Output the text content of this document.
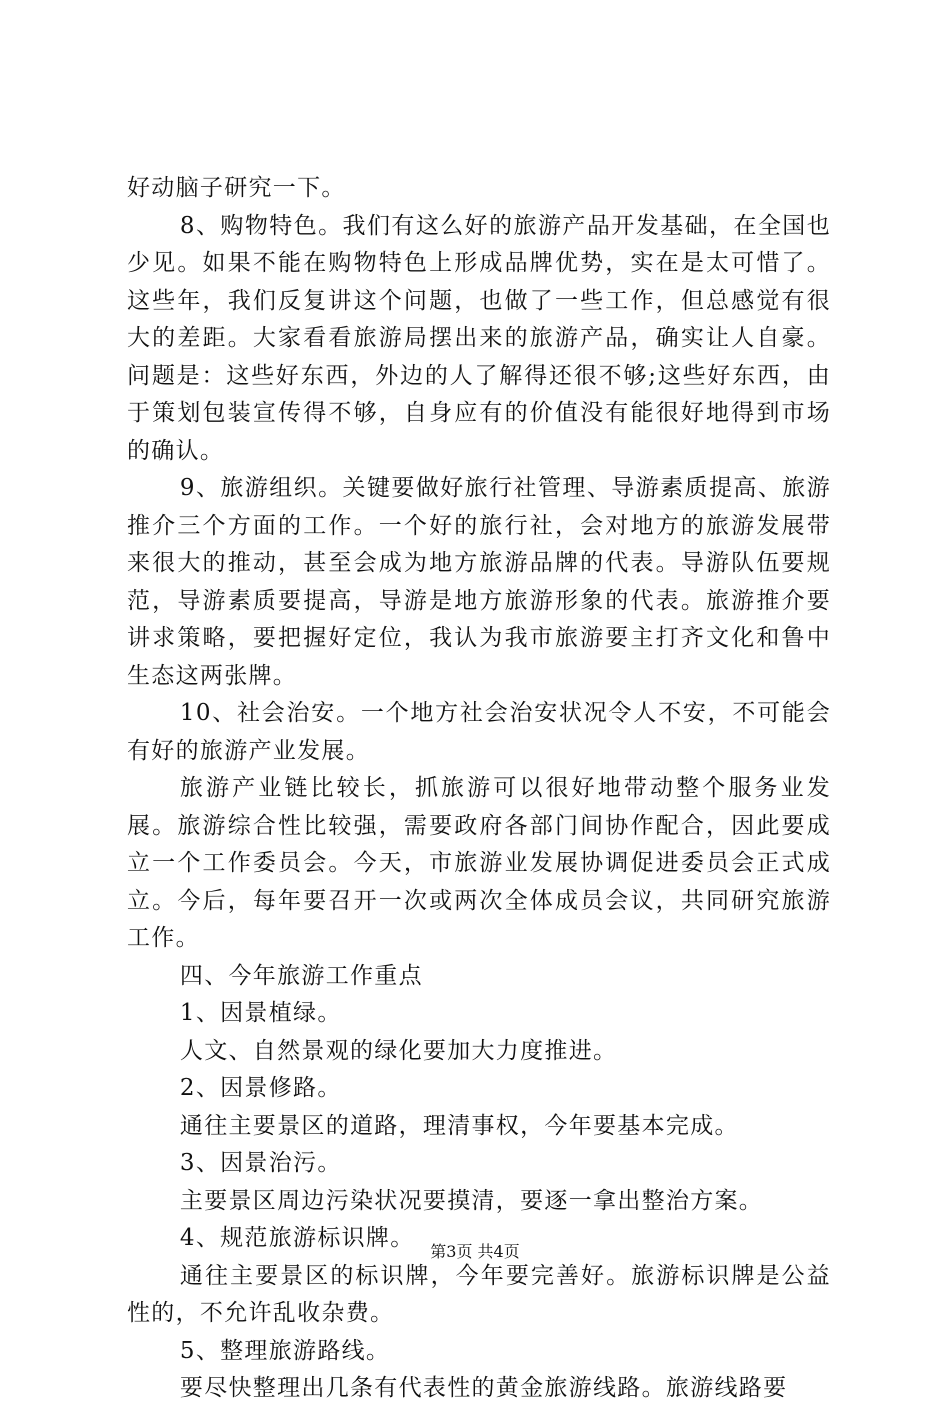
好动脑子研究一下。

8、购物特色。我们有这么好的旅游产品开发基础，在全国也少见。如果不能在购物特色上形成品牌优势，实在是太可惜了。这些年，我们反复讲这个问题，也做了一些工作，但总感觉有很大的差距。大家看看旅游局摆出来的旅游产品，确实让人自豪。问题是：这些好东西，外边的人了解得还很不够;这些好东西，由于策划包装宣传得不够，自身应有的价值没有能很好地得到市场的确认。

9、旅游组织。关键要做好旅行社管理、导游素质提高、旅游推介三个方面的工作。一个好的旅行社，会对地方的旅游发展带来很大的推动，甚至会成为地方旅游品牌的代表。导游队伍要规范，导游素质要提高，导游是地方旅游形象的代表。旅游推介要讲求策略，要把握好定位，我认为我市旅游要主打齐文化和鲁中生态这两张牌。

10、社会治安。一个地方社会治安状况令人不安，不可能会有好的旅游产业发展。

旅游产业链比较长，抓旅游可以很好地带动整个服务业发展。旅游综合性比较强，需要政府各部门间协作配合，因此要成立一个工作委员会。今天，市旅游业发展协调促进委员会正式成立。今后，每年要召开一次或两次全体成员会议，共同研究旅游工作。

四、今年旅游工作重点

1、因景植绿。

人文、自然景观的绿化要加大力度推进。

2、因景修路。

通往主要景区的道路，理清事权，今年要基本完成。

3、因景治污。

主要景区周边污染状况要摸清，要逐一拿出整治方案。

4、规范旅游标识牌。

通往主要景区的标识牌，今年要完善好。旅游标识牌是公益性的，不允许乱收杂费。

5、整理旅游路线。

要尽快整理出几条有代表性的黄金旅游线路。旅游线路要

第3页 共4页
